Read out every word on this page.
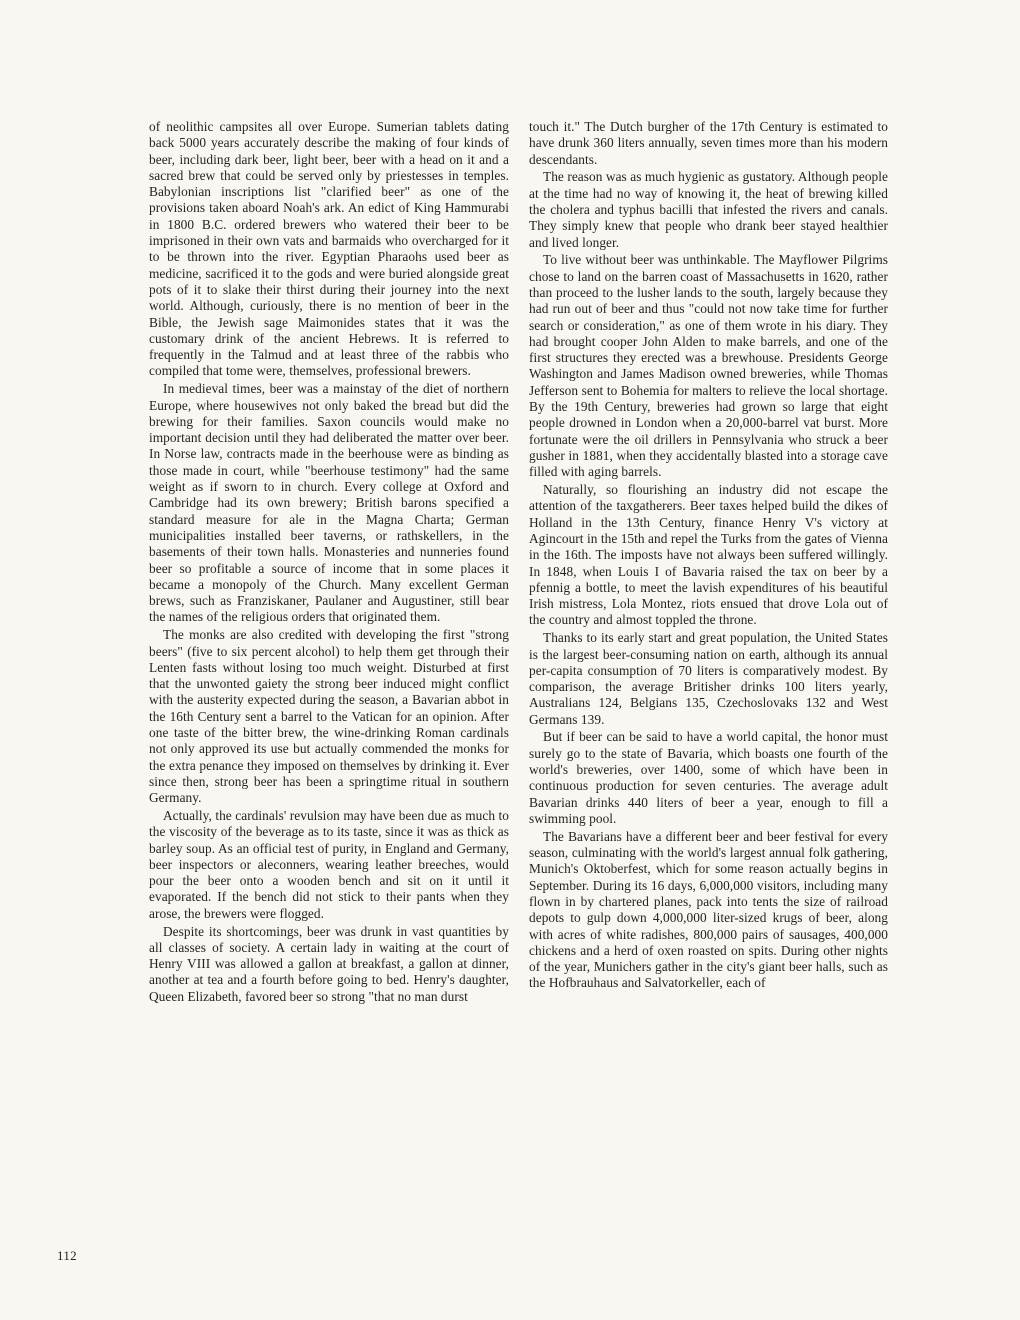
of neolithic campsites all over Europe. Sumerian tablets dating back 5000 years accurately describe the making of four kinds of beer, including dark beer, light beer, beer with a head on it and a sacred brew that could be served only by priestesses in temples. Babylonian inscriptions list "clarified beer" as one of the provisions taken aboard Noah's ark. An edict of King Hammurabi in 1800 B.C. ordered brewers who watered their beer to be imprisoned in their own vats and barmaids who overcharged for it to be thrown into the river. Egyptian Pharaohs used beer as medicine, sacrificed it to the gods and were buried alongside great pots of it to slake their thirst during their journey into the next world. Although, curiously, there is no mention of beer in the Bible, the Jewish sage Maimonides states that it was the customary drink of the ancient Hebrews. It is referred to frequently in the Talmud and at least three of the rabbis who compiled that tome were, themselves, professional brewers.

In medieval times, beer was a mainstay of the diet of northern Europe, where housewives not only baked the bread but did the brewing for their families. Saxon councils would make no important decision until they had deliberated the matter over beer. In Norse law, contracts made in the beerhouse were as binding as those made in court, while "beerhouse testimony" had the same weight as if sworn to in church. Every college at Oxford and Cambridge had its own brewery; British barons specified a standard measure for ale in the Magna Charta; German municipalities installed beer taverns, or rathskellers, in the basements of their town halls. Monasteries and nunneries found beer so profitable a source of income that in some places it became a monopoly of the Church. Many excellent German brews, such as Franziskaner, Paulaner and Augustiner, still bear the names of the religious orders that originated them.

The monks are also credited with developing the first "strong beers" (five to six percent alcohol) to help them get through their Lenten fasts without losing too much weight. Disturbed at first that the unwonted gaiety the strong beer induced might conflict with the austerity expected during the season, a Bavarian abbot in the 16th Century sent a barrel to the Vatican for an opinion. After one taste of the bitter brew, the wine-drinking Roman cardinals not only approved its use but actually commended the monks for the extra penance they imposed on themselves by drinking it. Ever since then, strong beer has been a springtime ritual in southern Germany.

Actually, the cardinals' revulsion may have been due as much to the viscosity of the beverage as to its taste, since it was as thick as barley soup. As an official test of purity, in England and Germany, beer inspectors or aleconners, wearing leather breeches, would pour the beer onto a wooden bench and sit on it until it evaporated. If the bench did not stick to their pants when they arose, the brewers were flogged.

Despite its shortcomings, beer was drunk in vast quantities by all classes of society. A certain lady in waiting at the court of Henry VIII was allowed a gallon at breakfast, a gallon at dinner, another at tea and a fourth before going to bed. Henry's daughter, Queen Elizabeth, favored beer so strong "that no man durst

touch it." The Dutch burgher of the 17th Century is estimated to have drunk 360 liters annually, seven times more than his modern descendants.

The reason was as much hygienic as gustatory. Although people at the time had no way of knowing it, the heat of brewing killed the cholera and typhus bacilli that infested the rivers and canals. They simply knew that people who drank beer stayed healthier and lived longer.

To live without beer was unthinkable. The Mayflower Pilgrims chose to land on the barren coast of Massachusetts in 1620, rather than proceed to the lusher lands to the south, largely because they had run out of beer and thus "could not now take time for further search or consideration," as one of them wrote in his diary. They had brought cooper John Alden to make barrels, and one of the first structures they erected was a brewhouse. Presidents George Washington and James Madison owned breweries, while Thomas Jefferson sent to Bohemia for malters to relieve the local shortage. By the 19th Century, breweries had grown so large that eight people drowned in London when a 20,000-barrel vat burst. More fortunate were the oil drillers in Pennsylvania who struck a beer gusher in 1881, when they accidentally blasted into a storage cave filled with aging barrels.

Naturally, so flourishing an industry did not escape the attention of the taxgatherers. Beer taxes helped build the dikes of Holland in the 13th Century, finance Henry V's victory at Agincourt in the 15th and repel the Turks from the gates of Vienna in the 16th. The imposts have not always been suffered willingly. In 1848, when Louis I of Bavaria raised the tax on beer by a pfennig a bottle, to meet the lavish expenditures of his beautiful Irish mistress, Lola Montez, riots ensued that drove Lola out of the country and almost toppled the throne.

Thanks to its early start and great population, the United States is the largest beer-consuming nation on earth, although its annual per-capita consumption of 70 liters is comparatively modest. By comparison, the average Britisher drinks 100 liters yearly, Australians 124, Belgians 135, Czechoslovaks 132 and West Germans 139.

But if beer can be said to have a world capital, the honor must surely go to the state of Bavaria, which boasts one fourth of the world's breweries, over 1400, some of which have been in continuous production for seven centuries. The average adult Bavarian drinks 440 liters of beer a year, enough to fill a swimming pool.

The Bavarians have a different beer and beer festival for every season, culminating with the world's largest annual folk gathering, Munich's Oktoberfest, which for some reason actually begins in September. During its 16 days, 6,000,000 visitors, including many flown in by chartered planes, pack into tents the size of railroad depots to gulp down 4,000,000 liter-sized krugs of beer, along with acres of white radishes, 800,000 pairs of sausages, 400,000 chickens and a herd of oxen roasted on spits. During other nights of the year, Munichers gather in the city's giant beer halls, such as the Hofbrauhaus and Salvatorkeller, each of

112
